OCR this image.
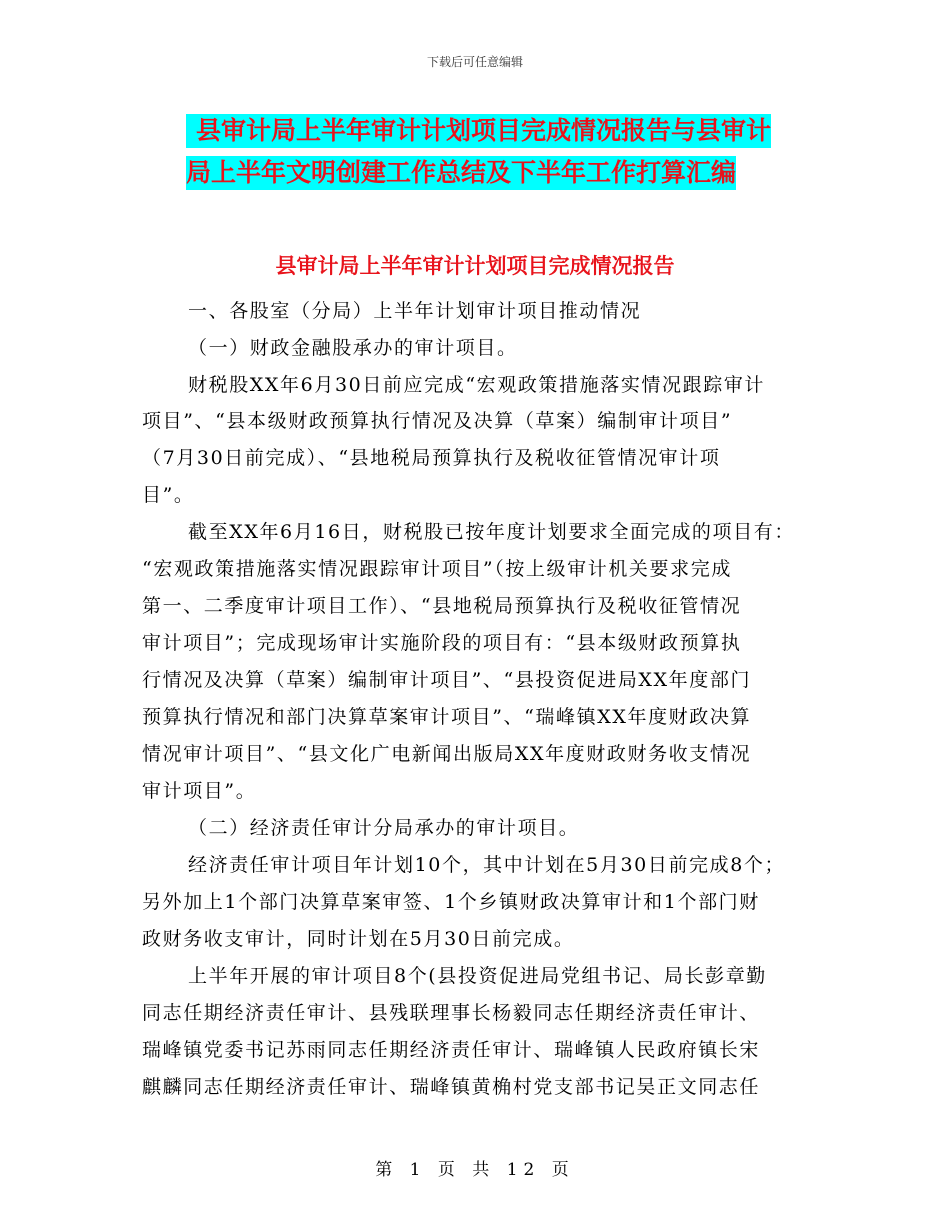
下载后可任意编辑
县审计局上半年审计计划项目完成情况报告与县审计
局上半年文明创建工作总结及下半年工作打算汇编
县审计局上半年审计计划项目完成情况报告
一、各股室（分局）上半年计划审计项目推动情况
（一）财政金融股承办的审计项目。
财税股XX年6月30日前应完成“宏观政策措施落实情况跟踪审计
项目”、“县本级财政预算执行情况及决算（草案）编制审计项目”
（7月30日前完成）、“县地税局预算执行及税收征管情况审计项
目”。
截至XX年6月16日，财税股已按年度计划要求全面完成的项目有：
“宏观政策措施落实情况跟踪审计项目”（按上级审计机关要求完成
第一、二季度审计项目工作）、“县地税局预算执行及税收征管情况
审计项目”；完成现场审计实施阶段的项目有：“县本级财政预算执
行情况及决算（草案）编制审计项目”、“县投资促进局XX年度部门
预算执行情况和部门决算草案审计项目”、“瑞峰镇XX年度财政决算
情况审计项目”、“县文化广电新闻出版局XX年度财政财务收支情况
审计项目”。
（二）经济责任审计分局承办的审计项目。
经济责任审计项目年计划10个，其中计划在5月30日前完成8个；
另外加上1个部门决算草案审签、1个乡镇财政决算审计和1个部门财
政财务收支审计，同时计划在5月30日前完成。
上半年开展的审计项目8个(县投资促进局党组书记、局长彭章勤
同志任期经济责任审计、县残联理事长杨毅同志任期经济责任审计、
瑞峰镇党委书记苏雨同志任期经济责任审计、瑞峰镇人民政府镇长宋
麒麟同志任期经济责任审计、瑞峰镇黄桷村党支部书记吴正文同志任
第 1 页 共 12 页
